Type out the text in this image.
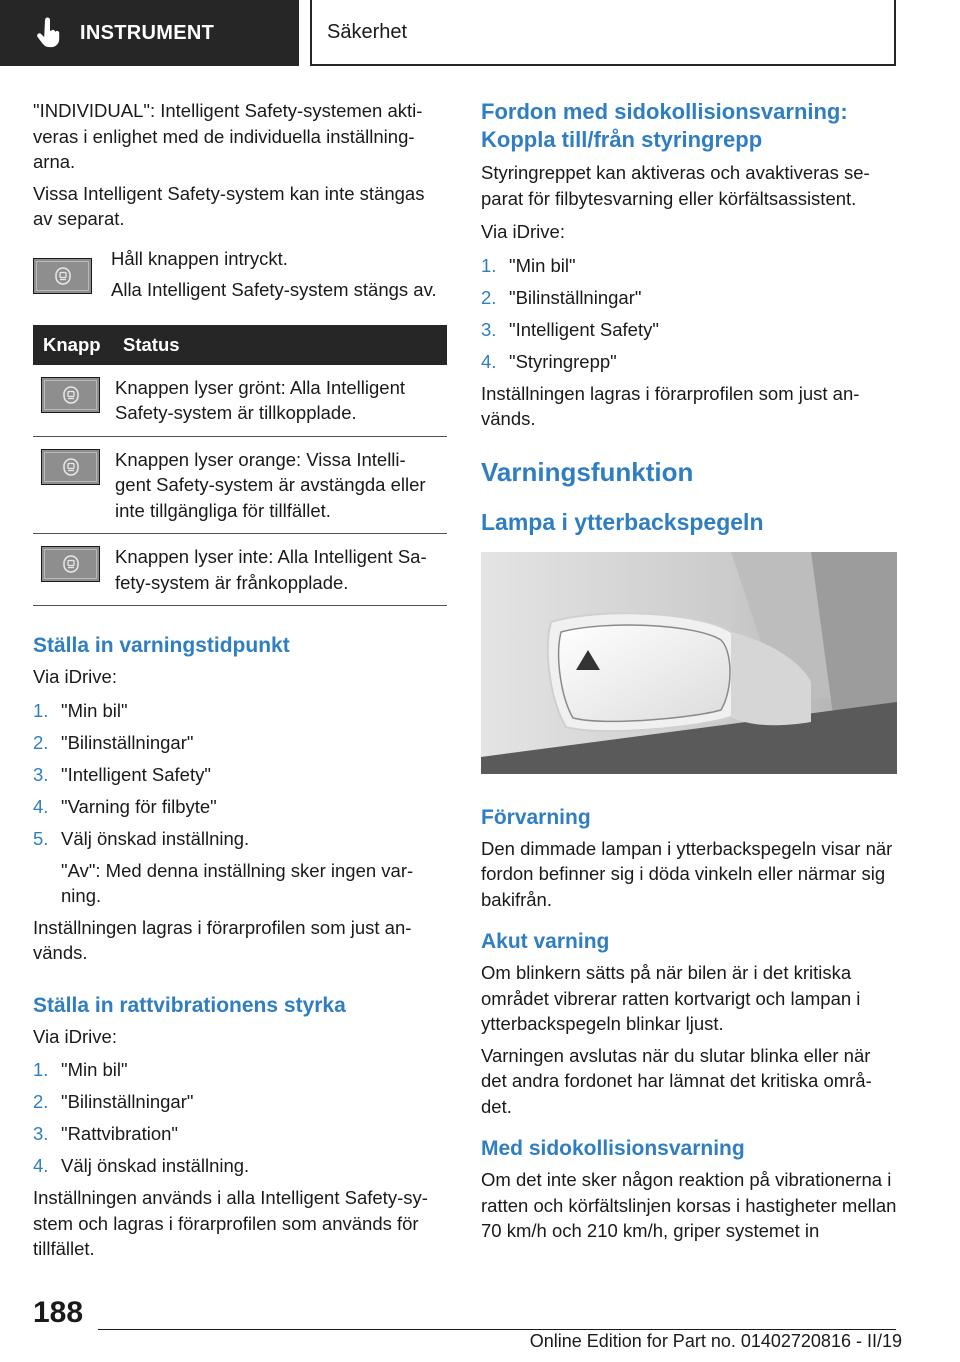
INSTRUMENT	Säkerhet

"INDIVIDUAL": Intelligent Safety-systemen akti-veras i enlighet med de individuella inställning-arna.

Vissa Intelligent Safety-system kan inte stängas av separat.

Håll knappen intryckt.

Alla Intelligent Safety-system stängs av.

Knapp	Status

	Knappen lyser grönt: Alla Intelligent Safety-system är tillkopplade.

	Knappen lyser orange: Vissa Intelli-gent Safety-system är avstängda eller inte tillgängliga för tillfället.

	Knappen lyser inte: Alla Intelligent Sa-fety-system är frånkopplade.
Ställa in varningstidpunkt

Via iDrive:

1. "Min bil"
2. "Bilinställningar"
3. "Intelligent Safety"
4. "Varning för filbyte"
5. Välj önskad inställning.

"Av": Med denna inställning sker ingen var-ning.

Inställningen lagras i förarprofilen som just an-vänds.

Ställa in rattvibrationens styrka

Via iDrive:

1. "Min bil"
2. "Bilinställningar"
3. "Rattvibration"
4. Välj önskad inställning.

Inställningen används i alla Intelligent Safety-sy-stem och lagras i förarprofilen som används för tillfället.

Fordon med sidokollisionsvarning: Koppla till/från styringrepp

Styringreppet kan aktiveras och avaktiveras se-parat för filbytesvarning eller körfältsassistent.

Via iDrive:

1. "Min bil"
2. "Bilinställningar"
3. "Intelligent Safety"
4. "Styringrepp"

Inställningen lagras i förarprofilen som just an-vänds.

Varningsfunktion
Lampa i ytterbackspegeln
Förvarning

Den dimmade lampan i ytterbackspegeln visar när fordon befinner sig i döda vinkeln eller närmar sig bakifrån.

Akut varning

Om blinkern sätts på när bilen är i det kritiska området vibrerar ratten kortvarigt och lampan i ytterbackspegeln blinkar ljust.

Varningen avslutas när du slutar blinka eller när det andra fordonet har lämnat det kritiska områ-det.

Med sidokollisionsvarning

Om det inte sker någon reaktion på vibrationerna i ratten och körfältslinjen korsas i hastigheter mellan 70 km/h och 210 km/h, griper systemet in

188
Online Edition for Part no. 01402720816 - II/19
